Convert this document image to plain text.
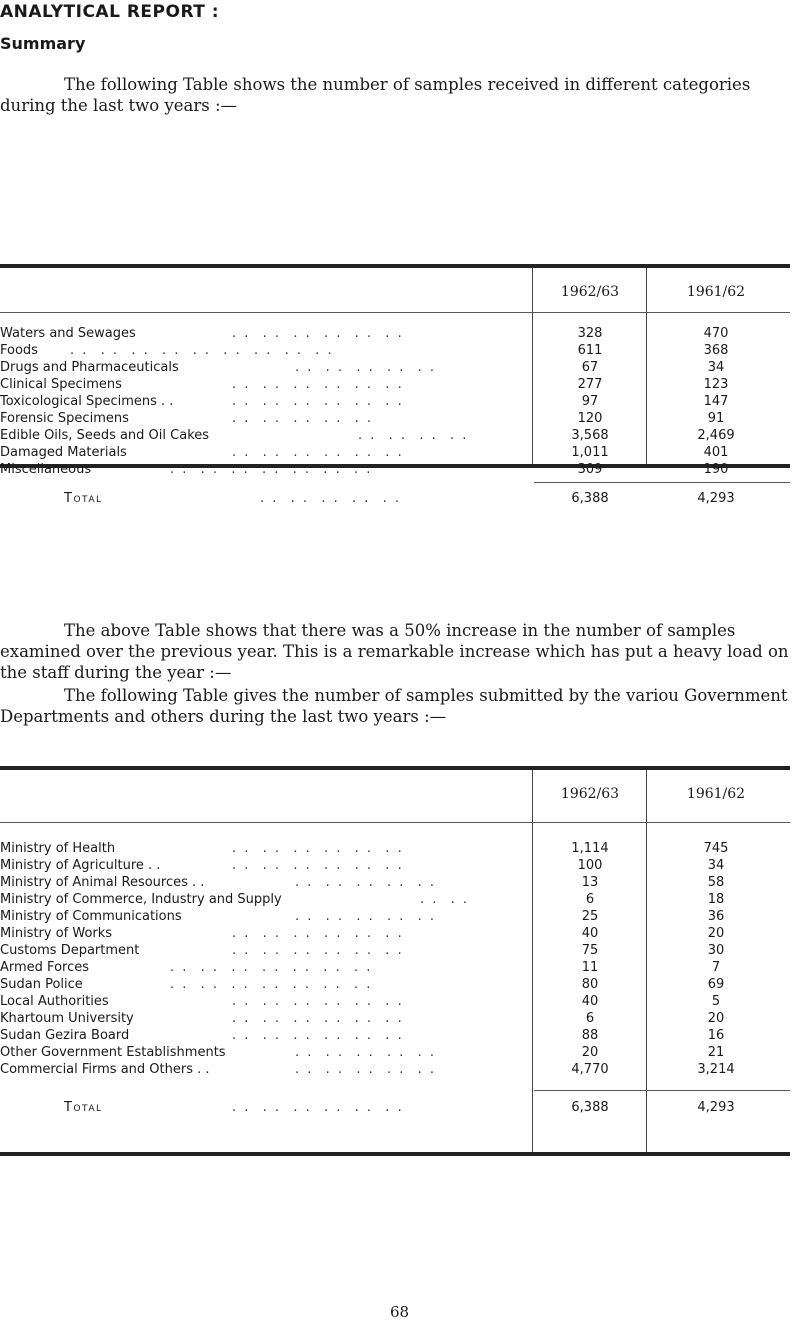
ANALYTICAL REPORT :
Summary
The following Table shows the number of samples received in different categories during the last two years :—
1962/63	1961/62
Waters and Sewages	. .  . .  . .  . .  . .  . .	328	470
Foods . .  . .  . .  . .  . .  . .  . .  . .  . .	611	368
Drugs and Pharmaceuticals	. .  . .  . .  . .  . .	67	34
Clinical Specimens	. .  . .  . .  . .  . .  . .	277	123
Toxicological Specimens . .	. .  . .  . .  . .  . .  . .	97	147
Forensic Specimens	. .  . .  . .  . .  . .	120	91
Edible Oils, Seeds and Oil Cakes	. .  . .  . .  . .	3,568	2,469
Damaged Materials	. .  . .  . .  . .  . .  . .	1,011	401
Miscellaneous	. .  . .  . .  . .  . .  . .  . .	309	190
Total	. .  . .  . .  . .  . .	6,388	4,293
The above Table shows that there was a 50% increase in the number of samples examined over the previous year. This is a remarkable increase which has put a heavy load on the staff during the year :—
The following Table gives the number of samples submitted by the variou Government Departments and others during the last two years :—
1962/63	1961/62
Ministry of Health	. .  . .  . .  . .  . .  . .	1,114	745
Ministry of Agriculture . .	. .  . .  . .  . .  . .  . .	100	34
Ministry of Animal Resources . .	. .  . .  . .  . .  . .	13	58
Ministry of Commerce, Industry and Supply	. .  . .	6	18
Ministry of Communications	. .  . .  . .  . .  . .	25	36
Ministry of Works	. .  . .  . .  . .  . .  . .	40	20
Customs Department	. .  . .  . .  . .  . .  . .	75	30
Armed Forces	. .  . .  . .  . .  . .  . .  . .	11	7
Sudan Police	. .  . .  . .  . .  . .  . .  . .	80	69
Local Authorities	. .  . .  . .  . .  . .  . .	40	5
Khartoum University	. .  . .  . .  . .  . .  . .	6	20
Sudan Gezira Board	. .  . .  . .  . .  . .  . .	88	16
Other Government Establishments	. .  . .  . .  . .  . .	20	21
Commercial Firms and Others . .	. .  . .  . .  . .  . .	4,770	3,214
Total	. .  . .  . .  . .  . .  . .	6,388	4,293
68
